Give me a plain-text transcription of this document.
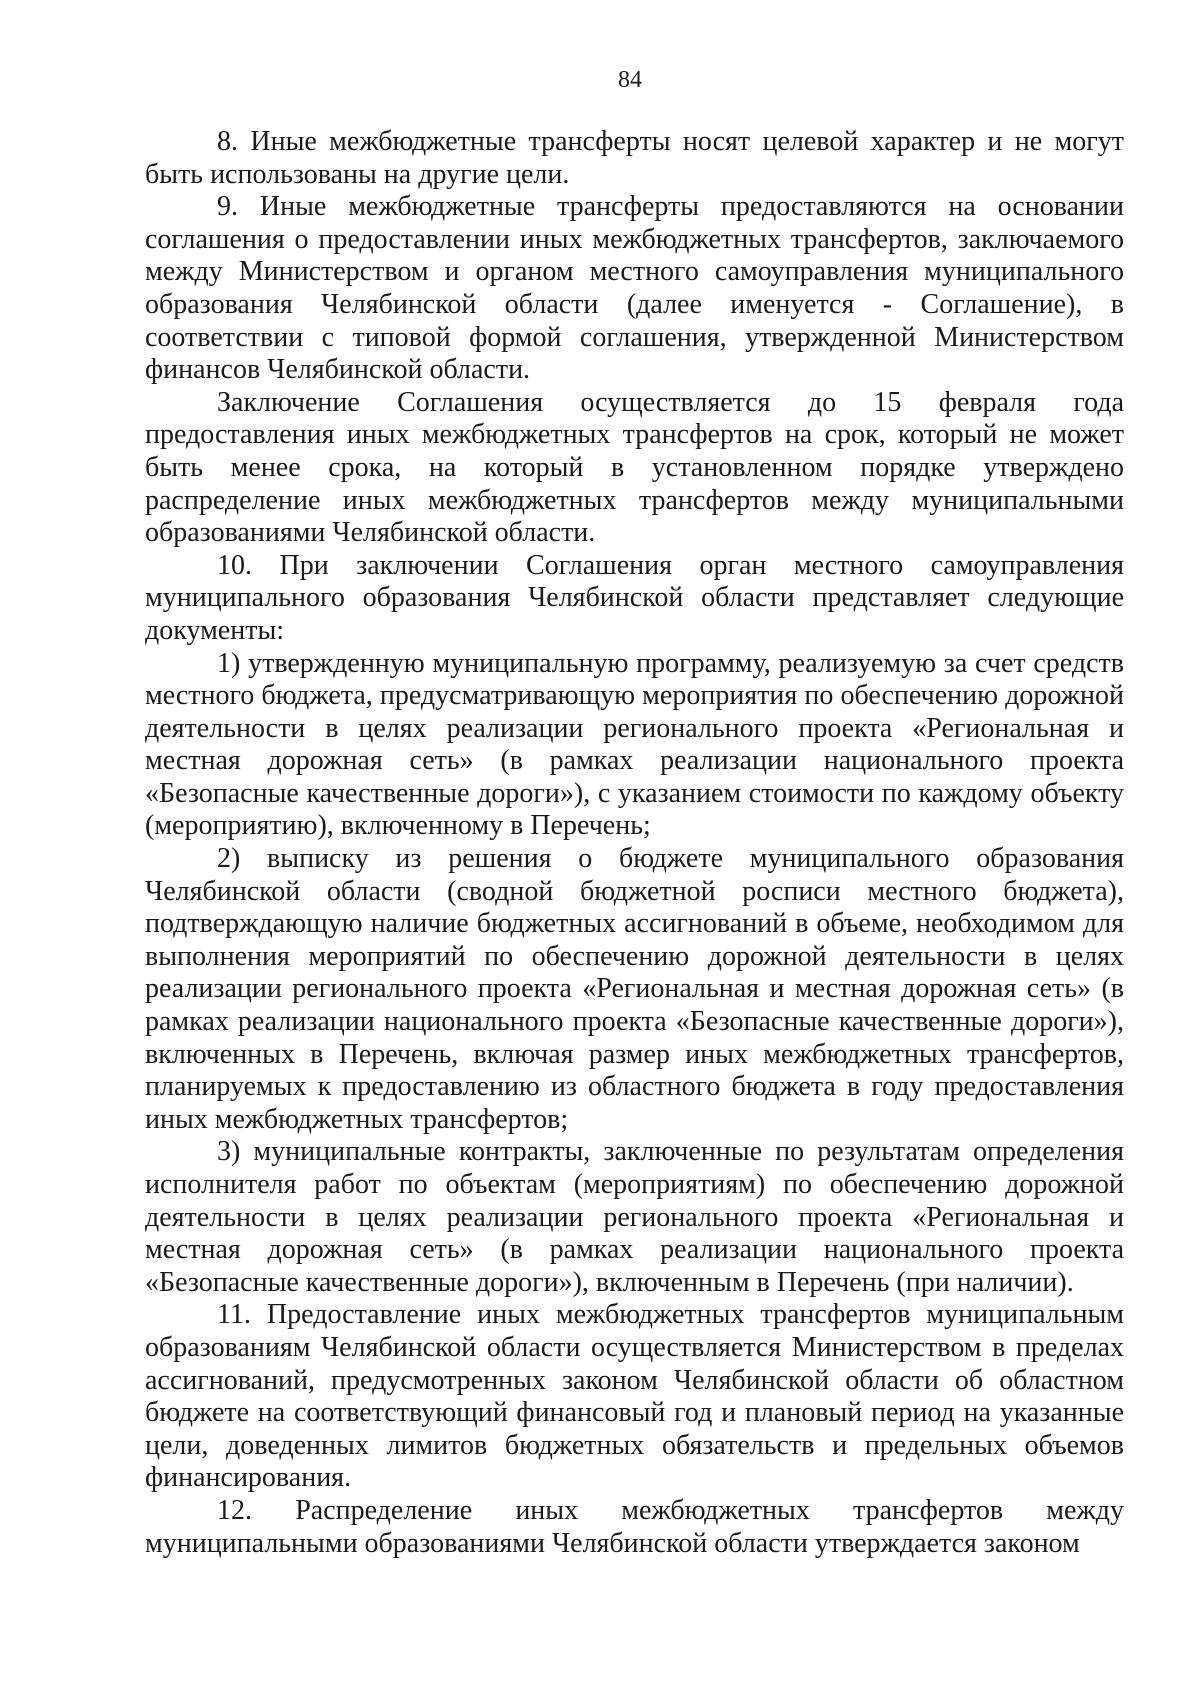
84

8. Иные межбюджетные трансферты носят целевой характер и не могут быть использованы на другие цели.

9. Иные межбюджетные трансферты предоставляются на основании соглашения о предоставлении иных межбюджетных трансфертов, заключаемого между Министерством и органом местного самоуправления муниципального образования Челябинской области (далее именуется - Соглашение), в соответствии с типовой формой соглашения, утвержденной Министерством финансов Челябинской области.

Заключение Соглашения осуществляется до 15 февраля года предоставления иных межбюджетных трансфертов на срок, который не может быть менее срока, на который в установленном порядке утверждено распределение иных межбюджетных трансфертов между муниципальными образованиями Челябинской области.

10. При заключении Соглашения орган местного самоуправления муниципального образования Челябинской области представляет следующие документы:

1) утвержденную муниципальную программу, реализуемую за счет средств местного бюджета, предусматривающую мероприятия по обеспечению дорожной деятельности в целях реализации регионального проекта «Региональная и местная дорожная сеть» (в рамках реализации национального проекта «Безопасные качественные дороги»), с указанием стоимости по каждому объекту (мероприятию), включенному в Перечень;

2) выписку из решения о бюджете муниципального образования Челябинской области (сводной бюджетной росписи местного бюджета), подтверждающую наличие бюджетных ассигнований в объеме, необходимом для выполнения мероприятий по обеспечению дорожной деятельности в целях реализации регионального проекта «Региональная и местная дорожная сеть» (в рамках реализации национального проекта «Безопасные качественные дороги»), включенных в Перечень, включая размер иных межбюджетных трансфертов, планируемых к предоставлению из областного бюджета в году предоставления иных межбюджетных трансфертов;

3) муниципальные контракты, заключенные по результатам определения исполнителя работ по объектам (мероприятиям) по обеспечению дорожной деятельности в целях реализации регионального проекта «Региональная и местная дорожная сеть» (в рамках реализации национального проекта «Безопасные качественные дороги»), включенным в Перечень (при наличии).

11. Предоставление иных межбюджетных трансфертов муниципальным образованиям Челябинской области осуществляется Министерством в пределах ассигнований, предусмотренных законом Челябинской области об областном бюджете на соответствующий финансовый год и плановый период на указанные цели, доведенных лимитов бюджетных обязательств и предельных объемов финансирования.

12. Распределение иных межбюджетных трансфертов между муниципальными образованиями Челябинской области утверждается законом
